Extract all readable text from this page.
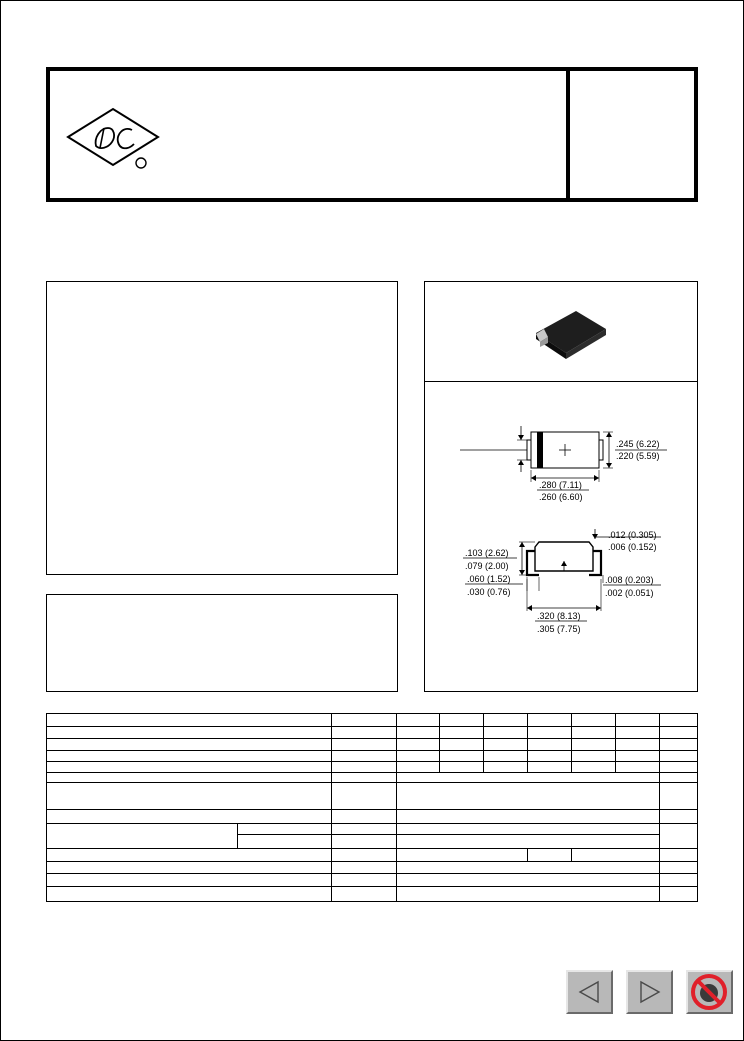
.245 (6.22)
.220 (5.59)
.280 (7.11)
.260 (6.60)
.012 (0.305)
.006 (0.152)
.103 (2.62)
.079 (2.00)
.060 (1.52)
.030 (0.76)
.008 (0.203)
.002 (0.051)
.320 (8.13)
.305 (7.75)
